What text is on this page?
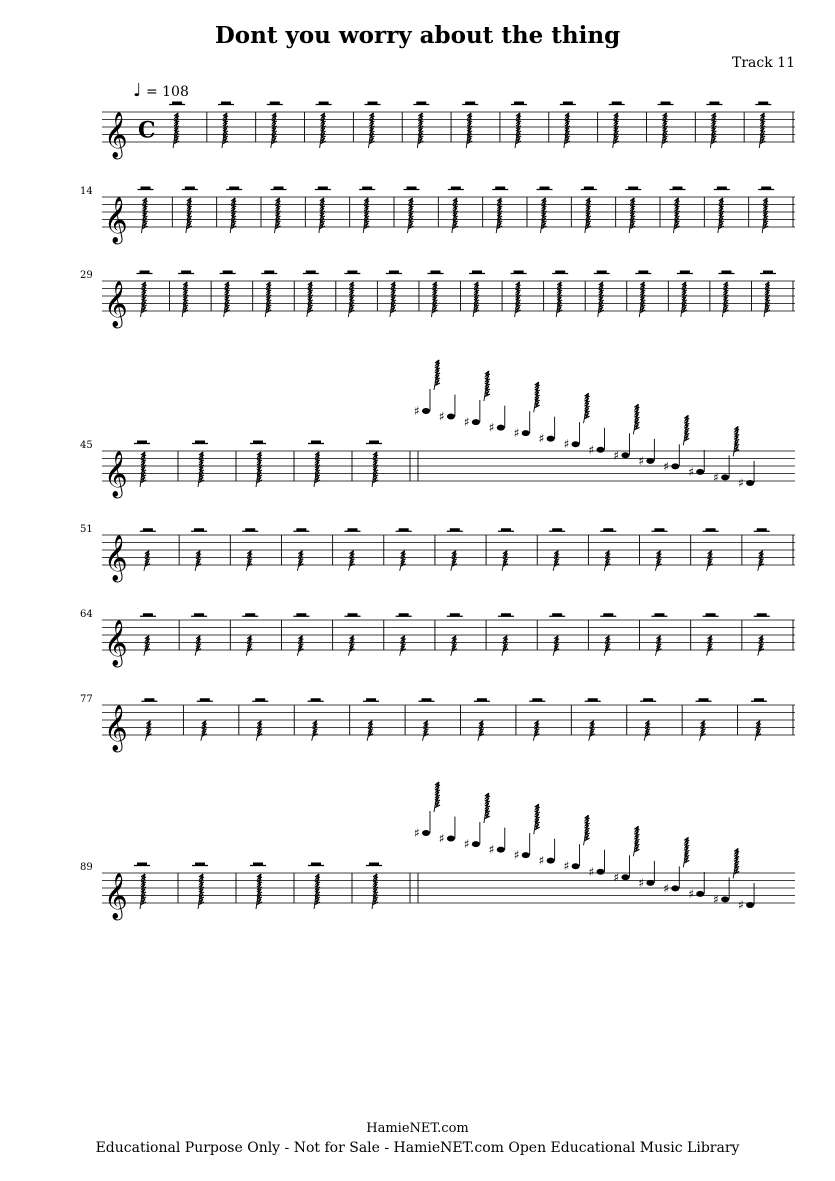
Dont you worry about the thing
Track 11
♩ = 108
𝄞 C
𝄞
14
𝄞
29
𝄞
45
♯ ♯ ♯ ♯ ♯ ♯ ♯ ♯ ♯ ♯ ♯ ♯ ♯ ♯
𝄞
51
𝄞
64
𝄞
77
𝄞
89
♯ ♯ ♯ ♯ ♯ ♯ ♯ ♯ ♯ ♯ ♯ ♯ ♯ ♯
HamieNET.com
Educational Purpose Only - Not for Sale - HamieNET.com Open Educational Music Library
